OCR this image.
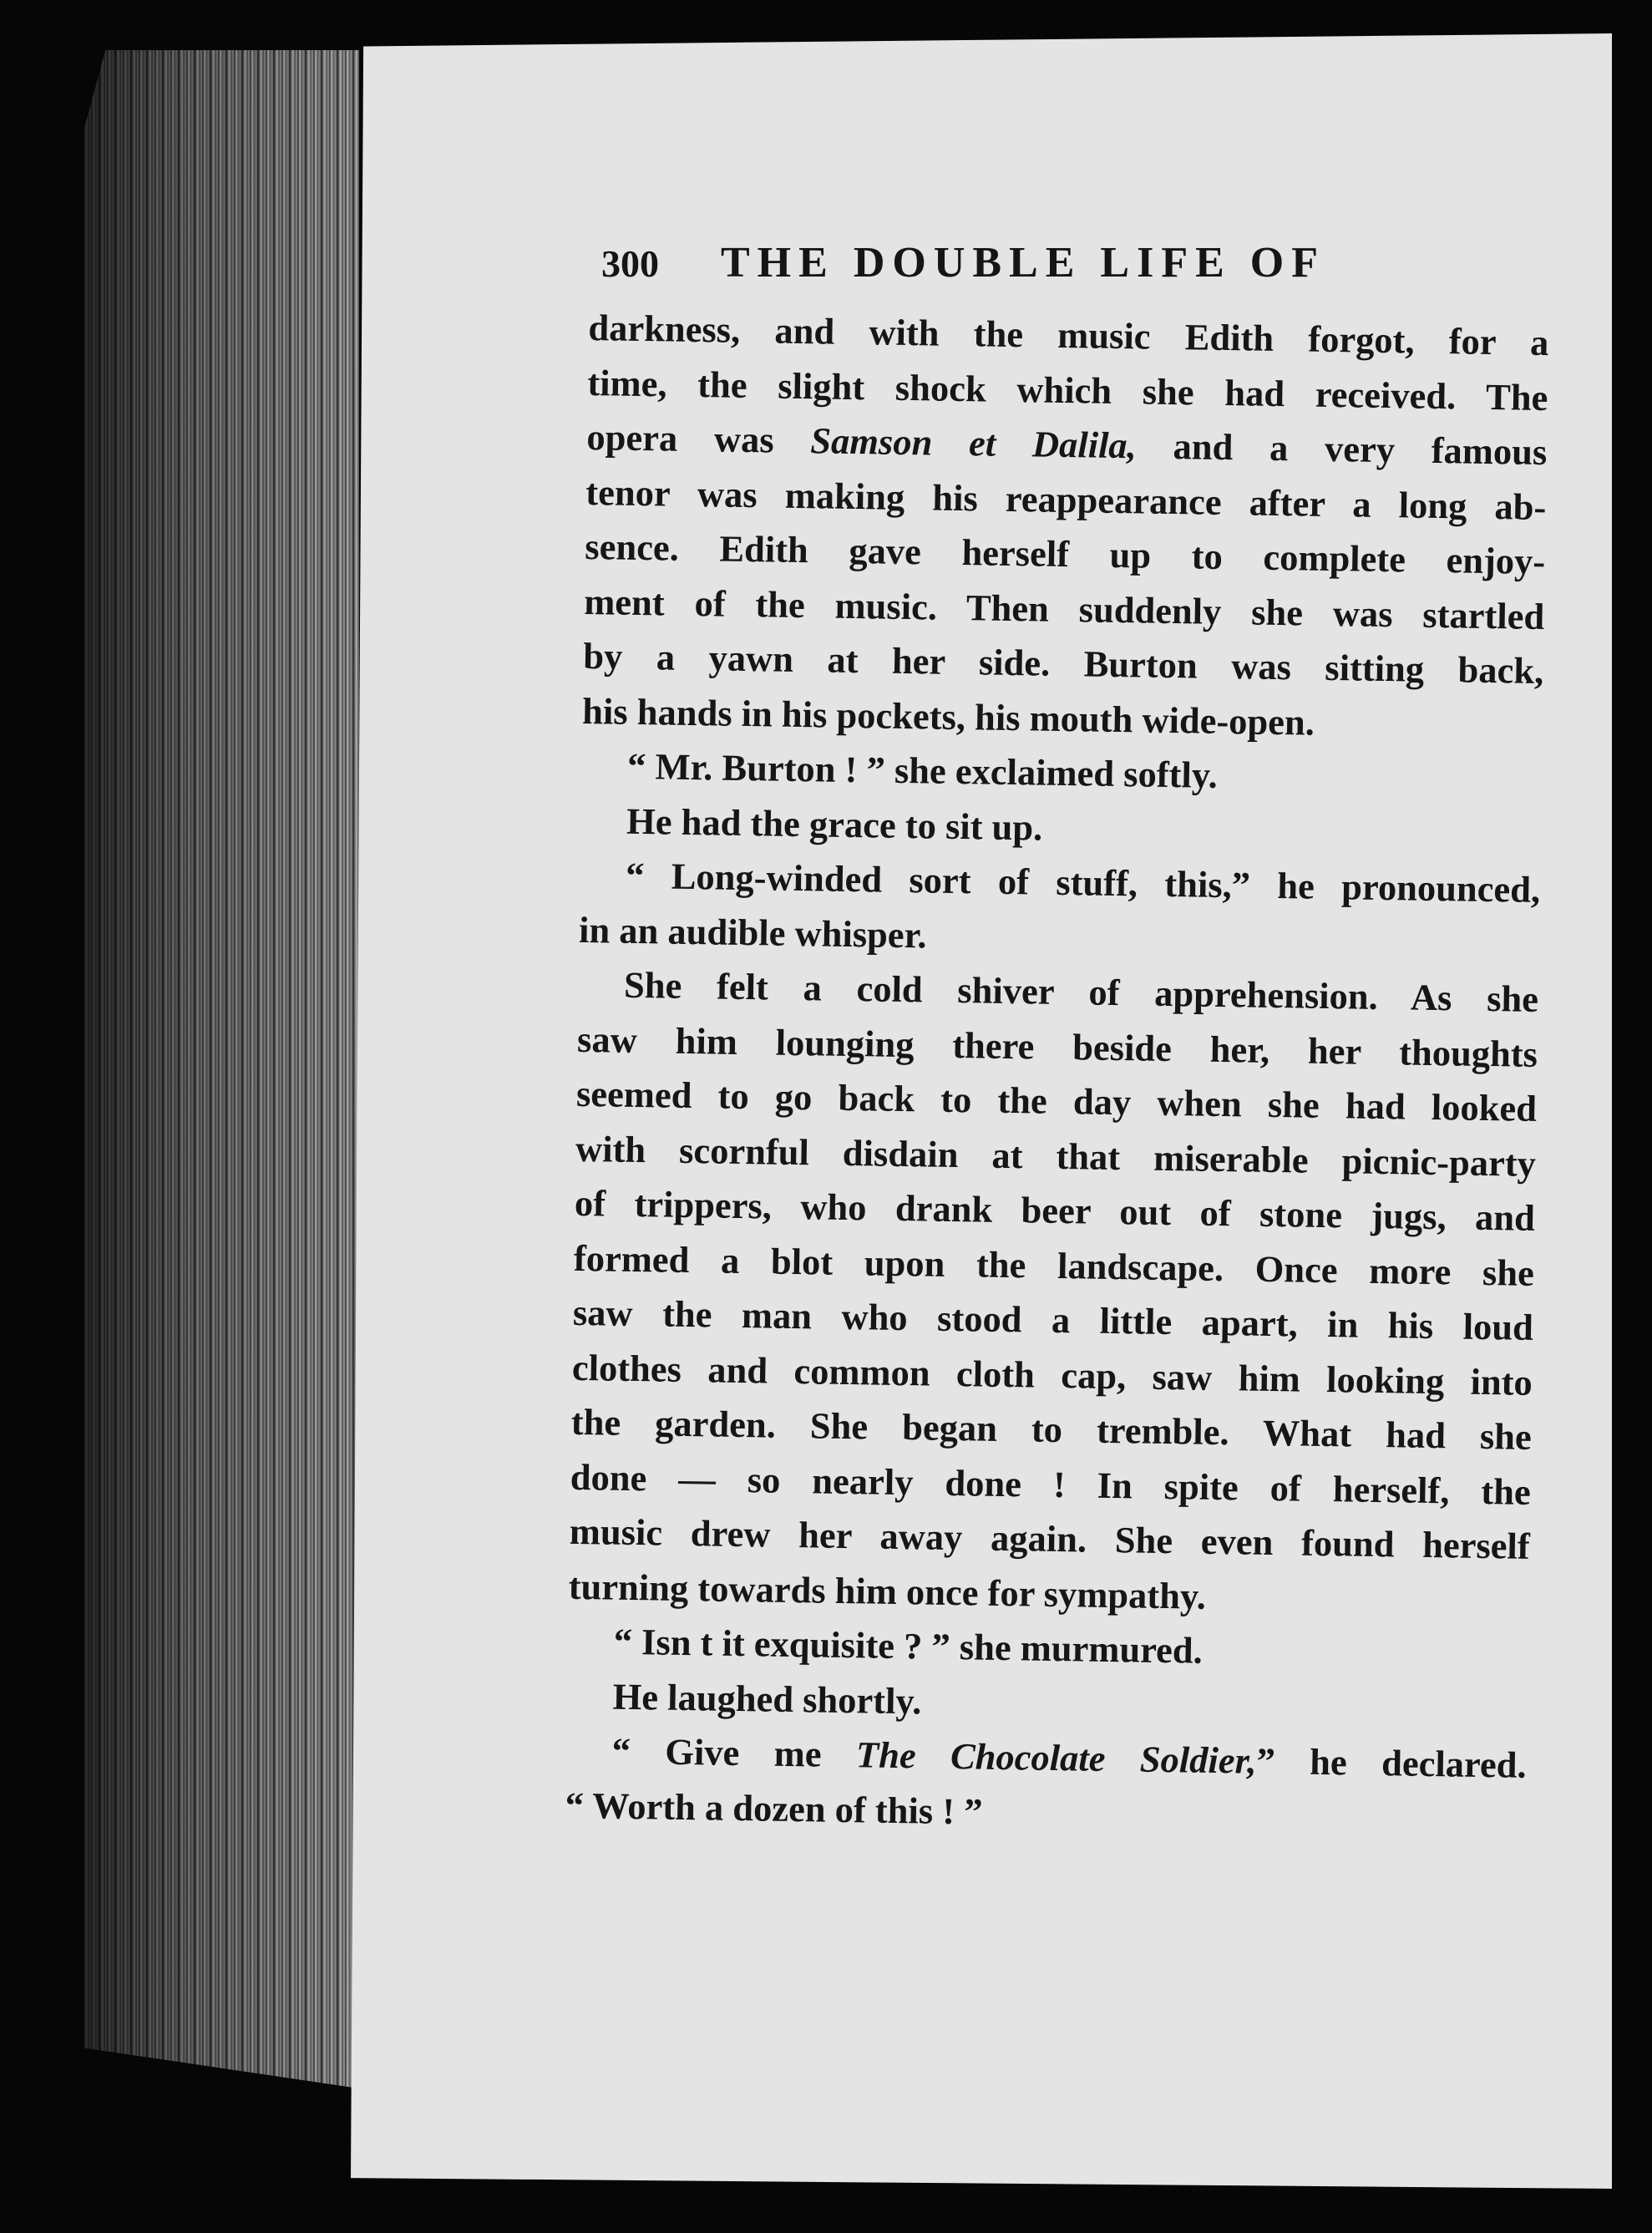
300 THE DOUBLE LIFE OF
darkness, and with the music Edith forgot, for a
time, the slight shock which she had received. The
opera was Samson et Dalila, and a very famous
tenor was making his reappearance after a long ab-
sence. Edith gave herself up to complete enjoy-
ment of the music. Then suddenly she was startled
by a yawn at her side. Burton was sitting back,
his hands in his pockets, his mouth wide-open.
“ Mr. Burton ! ” she exclaimed softly.
He had the grace to sit up.
“ Long-winded sort of stuff, this,” he pronounced,
in an audible whisper.
She felt a cold shiver of apprehension. As she
saw him lounging there beside her, her thoughts
seemed to go back to the day when she had looked
with scornful disdain at that miserable picnic-party
of trippers, who drank beer out of stone jugs, and
formed a blot upon the landscape. Once more she
saw the man who stood a little apart, in his loud
clothes and common cloth cap, saw him looking into
the garden. She began to tremble. What had she
done — so nearly done ! In spite of herself, the
music drew her away again. She even found herself
turning towards him once for sympathy.
“ Isn t it exquisite ? ” she murmured.
He laughed shortly.
“ Give me The Chocolate Soldier,” he declared.
“ Worth a dozen of this ! ”
